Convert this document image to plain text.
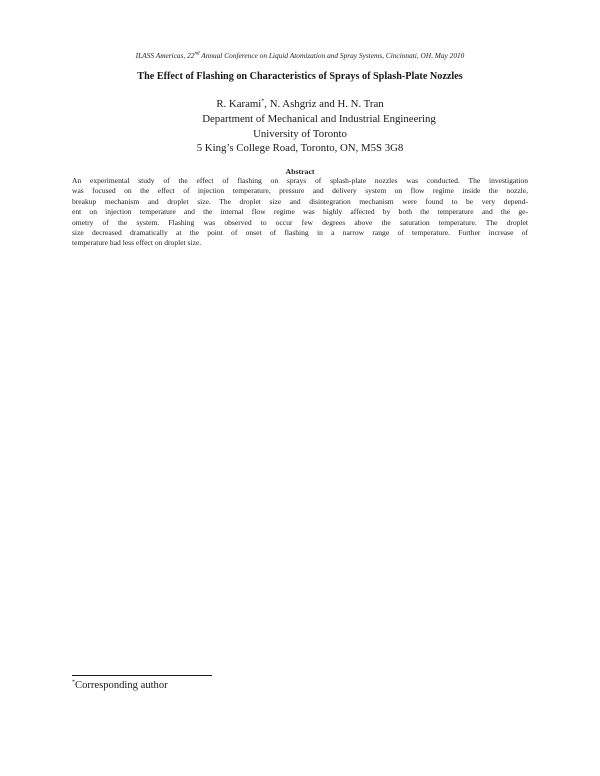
ILASS Americas, 22nd Annual Conference on Liquid Atomization and Spray Systems, Cincinnati, OH, May 2010
The Effect of Flashing on Characteristics of Sprays of Splash-Plate Nozzles
R. Karami*, N. Ashgriz and H. N. Tran
Department of Mechanical and Industrial Engineering
University of Toronto
5 King’s College Road, Toronto, ON, M5S 3G8
Abstract
An experimental study of the effect of flashing on sprays of splash-plate nozzles was conducted. The investigation
was focused on the effect of injection temperature, pressure and delivery system on flow regime inside the nozzle,
breakup mechanism and droplet size. The droplet size and disintegration mechanism were found to be very depend-
ent on injection temperature and the internal flow regime was highly affected by both the temperature and the ge-
ometry of the system. Flashing was observed to occur few degrees above the saturation temperature. The droplet
size decreased dramatically at the point of onset of flashing in a narrow range of temperature. Further increase of
temperature had less effect on droplet size.
*Corresponding author
